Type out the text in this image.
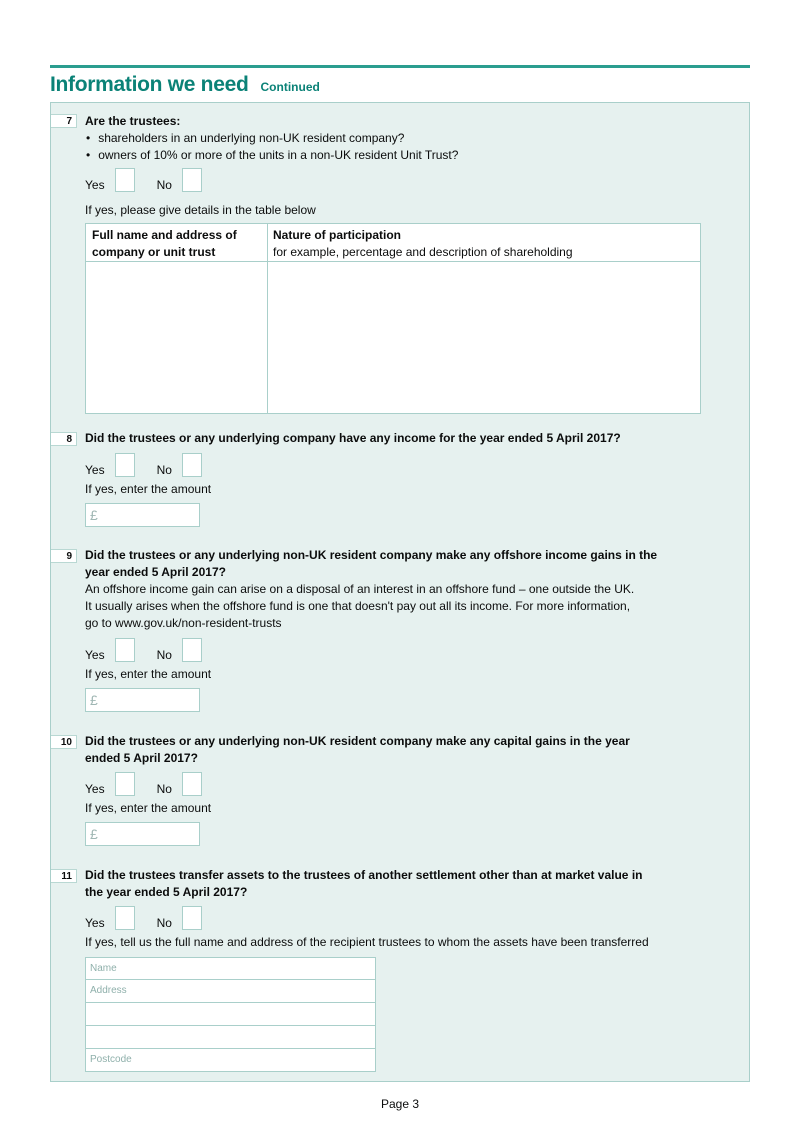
Information we need Continued
7	Are the trustees:
• shareholders in an underlying non-UK resident company?
• owners of 10% or more of the units in a non-UK resident Unit Trust?
Yes	No
If yes, please give details in the table below
Full name and address of company or unit trust
Nature of participation
for example, percentage and description of shareholding
8	Did the trustees or any underlying company have any income for the year ended 5 April 2017?
Yes	No
If yes, enter the amount
£
9	Did the trustees or any underlying non-UK resident company make any offshore income gains in the
year ended 5 April 2017?
An offshore income gain can arise on a disposal of an interest in an offshore fund – one outside the UK.
It usually arises when the offshore fund is one that doesn't pay out all its income. For more information,
go to www.gov.uk/non-resident-trusts
Yes	No
If yes, enter the amount
£
10	Did the trustees or any underlying non-UK resident company make any capital gains in the year
ended 5 April 2017?
Yes	No
If yes, enter the amount
£
11	Did the trustees transfer assets to the trustees of another settlement other than at market value in
the year ended 5 April 2017?
Yes	No
If yes, tell us the full name and address of the recipient trustees to whom the assets have been transferred
Name
Address
Postcode
Page 3
